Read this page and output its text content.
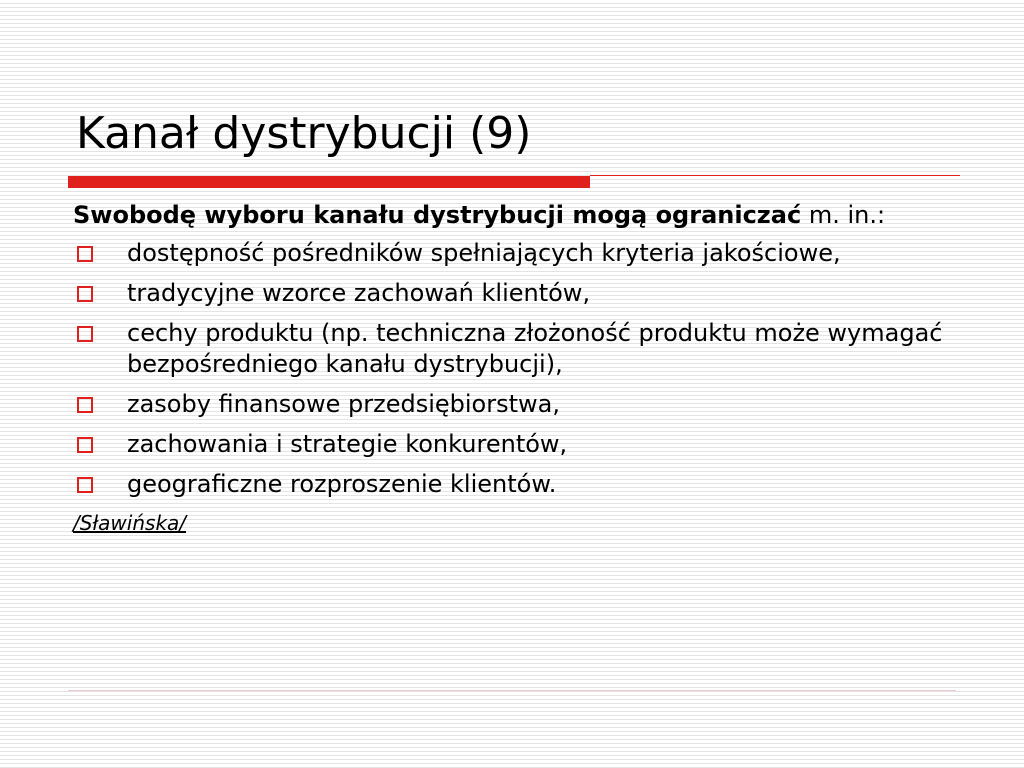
Kanał dystrybucji (9)

Swobodę wyboru kanału dystrybucji mogą ograniczać m. in.:

dostępność pośredników spełniających kryteria jakościowe,
tradycyjne wzorce zachowań klientów,
cechy produktu (np. techniczna złożoność produktu może wymagać bezpośredniego kanału dystrybucji),
zasoby finansowe przedsiębiorstwa,
zachowania i strategie konkurentów,
geograficzne rozproszenie klientów.

/Sławińska/
